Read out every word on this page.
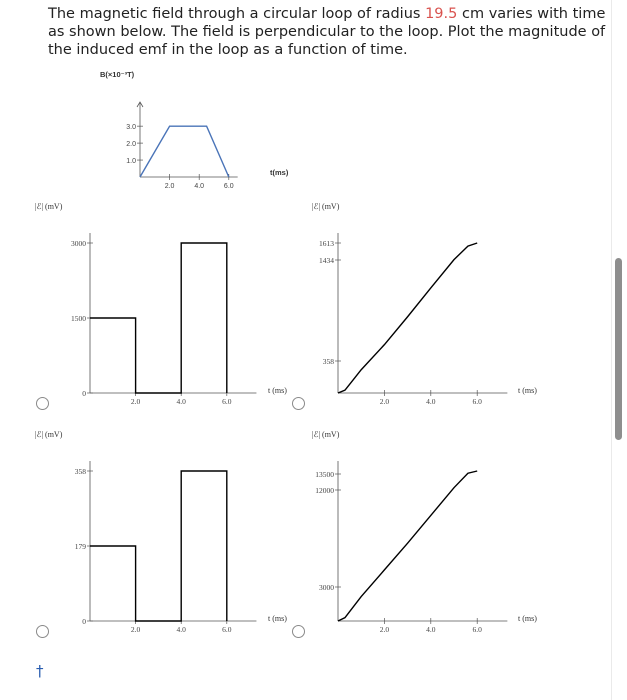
The magnetic field through a circular loop of radius 19.5 cm varies with time as shown below. The field is perpendicular to the loop. Plot the magnitude of the induced emf in the loop as a function of time.
B(×10⁻³T)
t(ms)
2.0	4.0	6.0
1.0
2.0
3.0
|ℰ| (mV)
t (ms)
2.0	4.0	6.0
3000
1500
0
|ℰ| (mV)
t (ms)
2.0	4.0	6.0
1613
1434
358
|ℰ| (mV)
t (ms)
2.0	4.0	6.0
358
179
0
|ℰ| (mV)
t (ms)
2.0	4.0	6.0
13500
12000
3000
†
